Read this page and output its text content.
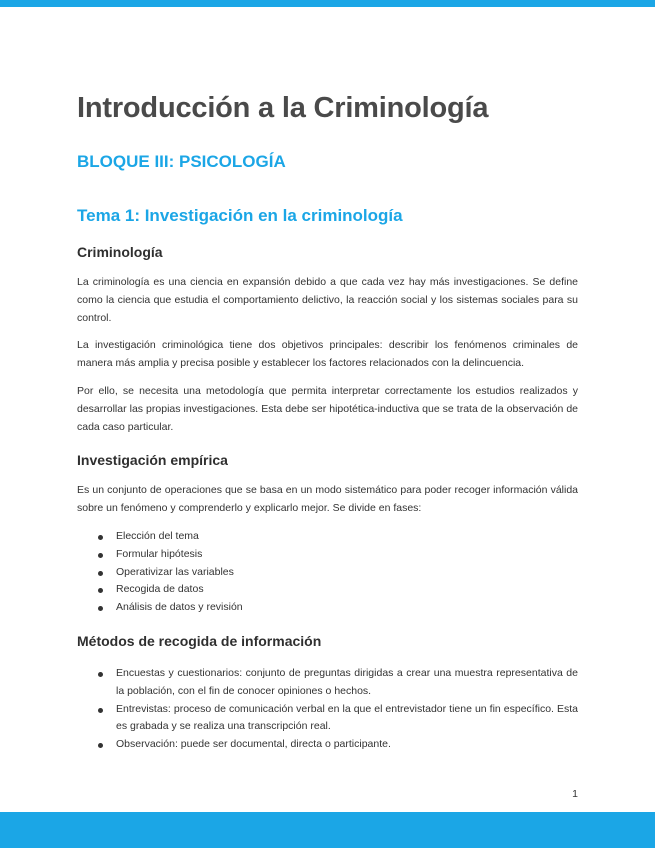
Introducción a la Criminología
BLOQUE III: PSICOLOGÍA
Tema 1: Investigación en la criminología
Criminología

La criminología es una ciencia en expansión debido a que cada vez hay más investigaciones. Se define como la ciencia que estudia el comportamiento delictivo, la reacción social y los sistemas sociales para su control.

La investigación criminológica tiene dos objetivos principales: describir los fenómenos criminales de manera más amplia y precisa posible y establecer los factores relacionados con la delincuencia.

Por ello, se necesita una metodología que permita interpretar correctamente los estudios realizados y desarrollar las propias investigaciones. Esta debe ser hipotética-inductiva que se trata de la observación de cada caso particular.

Investigación empírica

Es un conjunto de operaciones que se basa en un modo sistemático para poder recoger información válida sobre un fenómeno y comprenderlo y explicarlo mejor. Se divide en fases:

Elección del tema
Formular hipótesis
Operativizar las variables
Recogida de datos
Análisis de datos y revisión
Métodos de recogida de información
Encuestas y cuestionarios: conjunto de preguntas dirigidas a crear una muestra representativa de la población, con el fin de conocer opiniones o hechos.
Entrevistas: proceso de comunicación verbal en la que el entrevistador tiene un fin específico. Esta es grabada y se realiza una transcripción real.
Observación: puede ser documental, directa o participante.
1
